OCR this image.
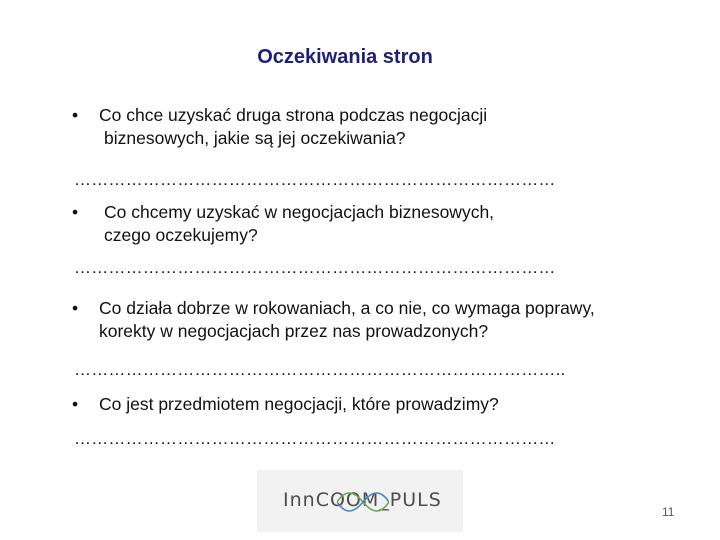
Oczekiwania stron
•	Co chce uzyskać druga strona podczas negocjacji
biznesowych, jakie są jej oczekiwania?
…………………………………………………………………………
•	Co chcemy uzyskać w negocjacjach biznesowych,
czego oczekujemy?
…………………………………………………………………………
•	Co działa dobrze w rokowaniach, a co nie, co wymaga poprawy,
korekty w negocjacjach przez nas prowadzonych?
…………………………………………………………………………..
•	Co jest przedmiotem negocjacji, które prowadzimy?
…………………………………………………………………………
InnCOOM_PULS
11
